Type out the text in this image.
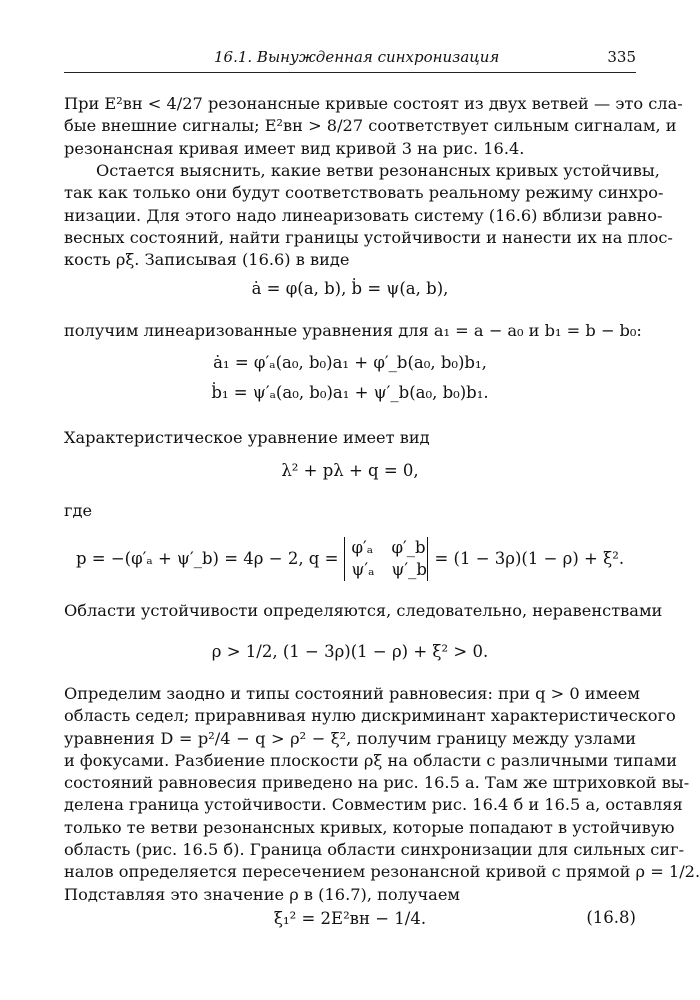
16.1. Вынужденная синхронизация	335
При E²вн < 4/27 резонансные кривые состоят из двух ветвей — это сла-
бые внешние сигналы; E²вн > 8/27 соответствует сильным сигналам, и
резонансная кривая имеет вид кривой 3 на рис. 16.4.
Остается выяснить, какие ветви резонансных кривых устойчивы,
так как только они будут соответствовать реальному режиму синхро-
низации. Для этого надо линеаризовать систему (16.6) вблизи равно-
весных состояний, найти границы устойчивости и нанести их на плос-
кость ρξ. Записывая (16.6) в виде
ȧ = φ(a, b), ḃ = ψ(a, b),
получим линеаризованные уравнения для a₁ = a − a₀ и b₁ = b − b₀:
ȧ₁ = φ′ₐ(a₀, b₀)a₁ + φ′_b(a₀, b₀)b₁,
ḃ₁ = ψ′ₐ(a₀, b₀)a₁ + ψ′_b(a₀, b₀)b₁.
Характеристическое уравнение имеет вид
λ² + pλ + q = 0,
где
p = −(φ′ₐ + ψ′_b) = 4ρ − 2, q =
φ′ₐ φ′_b
ψ′ₐ ψ′_b
= (1 − 3ρ)(1 − ρ) + ξ².
Области устойчивости определяются, следовательно, неравенствами
ρ > 1/2, (1 − 3ρ)(1 − ρ) + ξ² > 0.
Определим заодно и типы состояний равновесия: при q > 0 имеем
область седел; приравнивая нулю дискриминант характеристического
уравнения D = p²/4 − q > ρ² − ξ², получим границу между узлами
и фокусами. Разбиение плоскости ρξ на области с различными типами
состояний равновесия приведено на рис. 16.5 а. Там же штриховкой вы-
делена граница устойчивости. Совместим рис. 16.4 б и 16.5 а, оставляя
только те ветви резонансных кривых, которые попадают в устойчивую
область (рис. 16.5 б). Граница области синхронизации для сильных сиг-
налов определяется пересечением резонансной кривой с прямой ρ = 1/2.
Подставляя это значение ρ в (16.7), получаем
ξ₁² = 2E²вн − 1/4.	(16.8)
